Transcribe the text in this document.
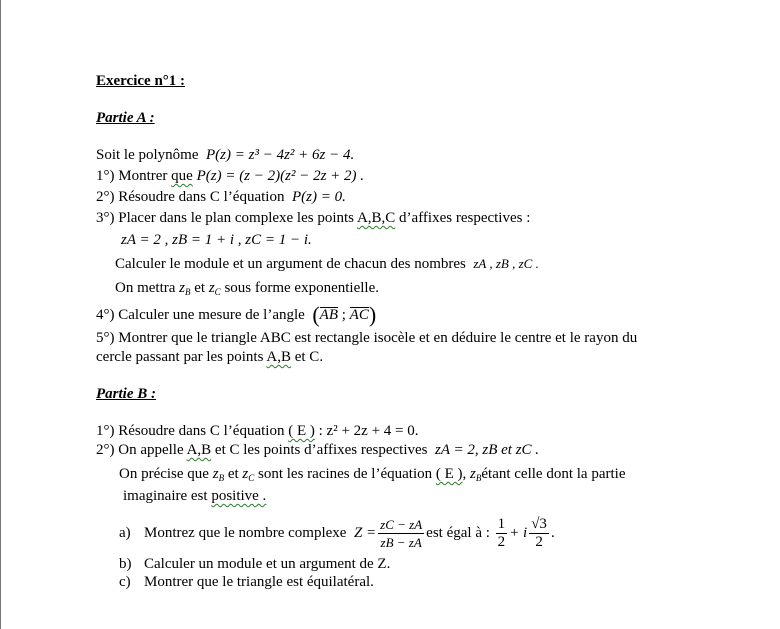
Exercice n°1 :
Partie A :
Soit le polynôme P(z) = z³ − 4z² + 6z − 4.
1°) Montrer que P(z) = (z − 2)(z² − 2z + 2) .
2°) Résoudre dans C l’équation P(z) = 0.
3°) Placer dans le plan complexe les points A,B,C d’affixes respectives :
zA = 2 , zB = 1 + i , zC = 1 − i.
Calculer le module et un argument de chacun des nombres zA , zB , zC .
On mettra $z_B$ et $z_C$ sous forme exponentielle.
4°) Calculer une mesure de l’angle (AB ; AC)
5°) Montrer que le triangle ABC est rectangle isocèle et en déduire le centre et le rayon du
cercle passant par les points A,B et C.
Partie B :
1°) Résoudre dans C l’équation ( E ) : z² + 2z + 4 = 0.
2°) On appelle A,B et C les points d’affixes respectives zA = 2, zB et zC .
On précise que $z_B$ et $z_C$ sont les racines de l’équation ( E ), $z_Bé\tan t$ celle dont la partie
imaginaire est positive .
a) Montrez que le nombre complexe
$Z = \frac{zC - zA}{zB - zA}$ est égal à :
$\frac{1}{2} + i \frac{√3}{2}$ .
b) Calculer un module et un argument de Z.
c) Montrer que le triangle est équilatéral.
